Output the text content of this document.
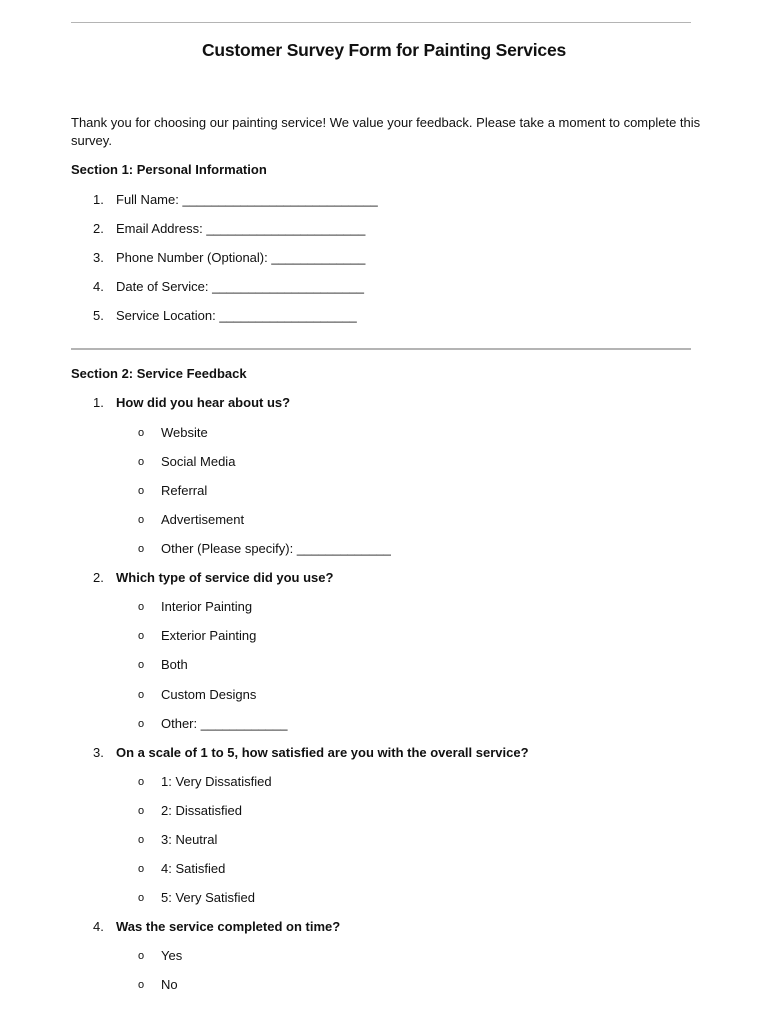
Customer Survey Form for Painting Services
Thank you for choosing our painting service! We value your feedback. Please take a moment to complete this survey.
Section 1: Personal Information
1. Full Name: ___________________________
2. Email Address: ______________________
3. Phone Number (Optional): _____________
4. Date of Service: _____________________
5. Service Location: ___________________
Section 2: Service Feedback
1. How did you hear about us?
o Website
o Social Media
o Referral
o Advertisement
o Other (Please specify): _____________
2. Which type of service did you use?
o Interior Painting
o Exterior Painting
o Both
o Custom Designs
o Other: ____________
3. On a scale of 1 to 5, how satisfied are you with the overall service?
o 1: Very Dissatisfied
o 2: Dissatisfied
o 3: Neutral
o 4: Satisfied
o 5: Very Satisfied
4. Was the service completed on time?
o Yes
o No
